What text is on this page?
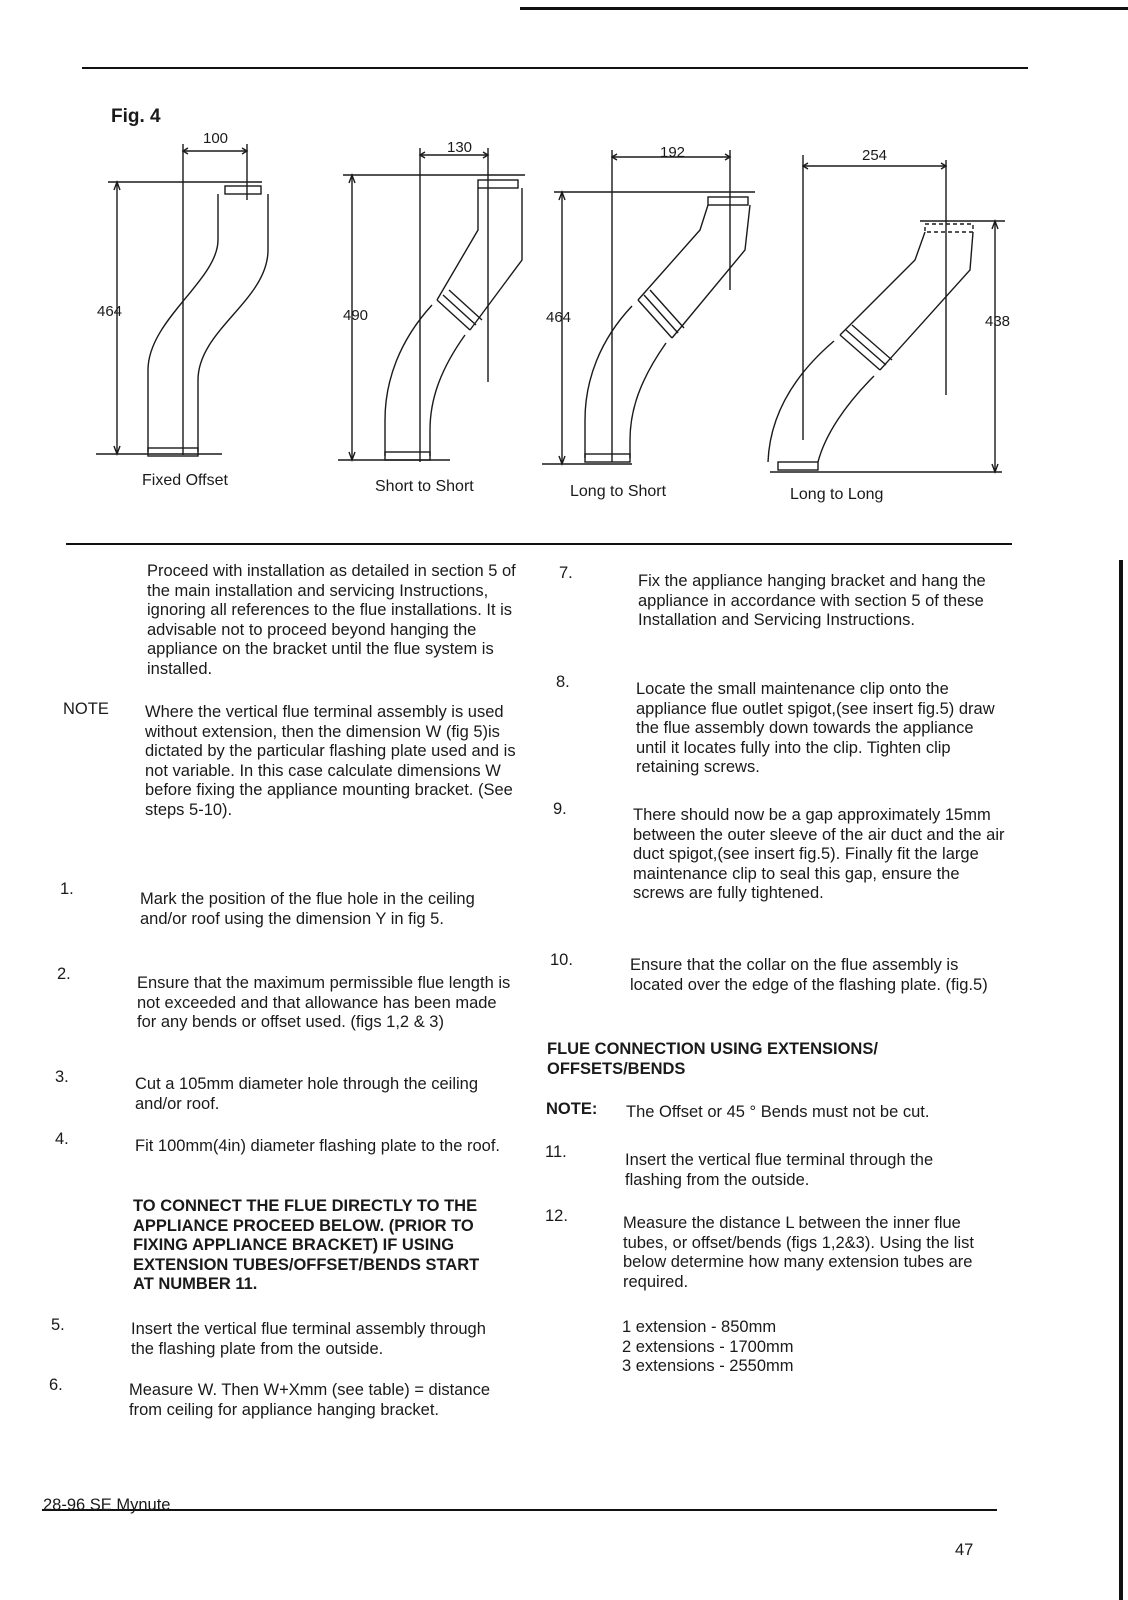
Fig. 4
100
464
130
490
192
464
254
438
Fixed Offset	Short to Short	Long to Short	Long to Long
Proceed with installation as detailed in section 5 of the main installation and servicing Instructions, ignoring all references to the flue installations. It is advisable not to proceed beyond hanging the appliance on the bracket until the flue system is installed.
NOTE Where the vertical flue terminal assembly is used without extension, then the dimension W (fig 5)is dictated by the particular flashing plate used and is not variable. In this case calculate dimensions W before fixing the appliance mounting bracket. (See steps 5-10).
1.
Mark the position of the flue hole in the ceiling and/or roof using the dimension Y in fig 5.
2.	Ensure that the maximum permissible flue length is not exceeded and that allowance has been made for any bends or offset used. (figs 1,2 & 3)
3.	Cut a 105mm diameter hole through the ceiling and/or roof.
4.	Fit 100mm(4in) diameter flashing plate to the roof.
TO CONNECT THE FLUE DIRECTLY TO THE APPLIANCE PROCEED BELOW. (PRIOR TO FIXING APPLIANCE BRACKET) IF USING EXTENSION TUBES/OFFSET/BENDS START AT NUMBER 11.
5.	Insert the vertical flue terminal assembly through the flashing plate from the outside.
6.	Measure W. Then W+Xmm (see table) = distance from ceiling for appliance hanging bracket.
7.	Fix the appliance hanging bracket and hang the appliance in accordance with section 5 of these Installation and Servicing Instructions.
8.	Locate the small maintenance clip onto the appliance flue outlet spigot,(see insert fig.5) draw the flue assembly down towards the appliance until it locates fully into the clip. Tighten clip retaining screws.
9.	There should now be a gap approximately 15mm between the outer sleeve of the air duct and the air duct spigot,(see insert fig.5). Finally fit the large maintenance clip to seal this gap, ensure the screws are fully tightened.
10.	Ensure that the collar on the flue assembly is located over the edge of the flashing plate. (fig.5)
FLUE CONNECTION USING EXTENSIONS/ OFFSETS/BENDS
NOTE: The Offset or 45 ° Bends must not be cut.
11.	Insert the vertical flue terminal through the flashing from the outside.
12.	Measure the distance L between the inner flue tubes, or offset/bends (figs 1,2&3). Using the list below determine how many extension tubes are required.
1 extension - 850mm
2 extensions - 1700mm
3 extensions - 2550mm
28-96 SE Mynute
47
